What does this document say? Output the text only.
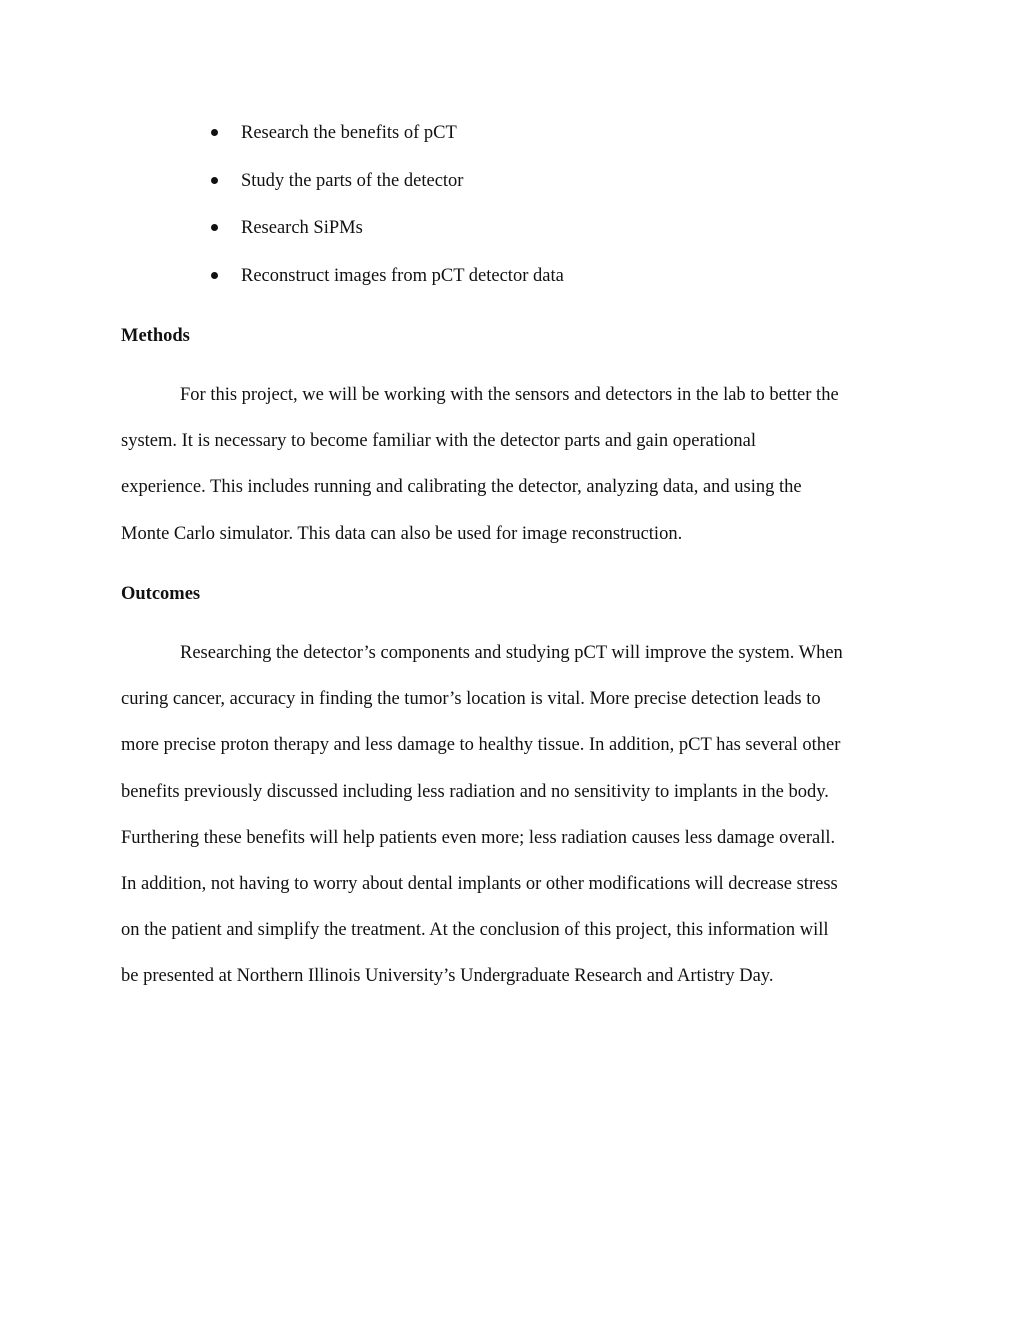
Research the benefits of pCT
Study the parts of the detector
Research SiPMs
Reconstruct images from pCT detector data
Methods
For this project, we will be working with the sensors and detectors in the lab to better the
system. It is necessary to become familiar with the detector parts and gain operational
experience. This includes running and calibrating the detector, analyzing data, and using the
Monte Carlo simulator. This data can also be used for image reconstruction.
Outcomes
Researching the detector’s components and studying pCT will improve the system. When
curing cancer, accuracy in finding the tumor’s location is vital. More precise detection leads to
more precise proton therapy and less damage to healthy tissue. In addition, pCT has several other
benefits previously discussed including less radiation and no sensitivity to implants in the body.
Furthering these benefits will help patients even more; less radiation causes less damage overall.
In addition, not having to worry about dental implants or other modifications will decrease stress
on the patient and simplify the treatment. At the conclusion of this project, this information will
be presented at Northern Illinois University’s Undergraduate Research and Artistry Day.
